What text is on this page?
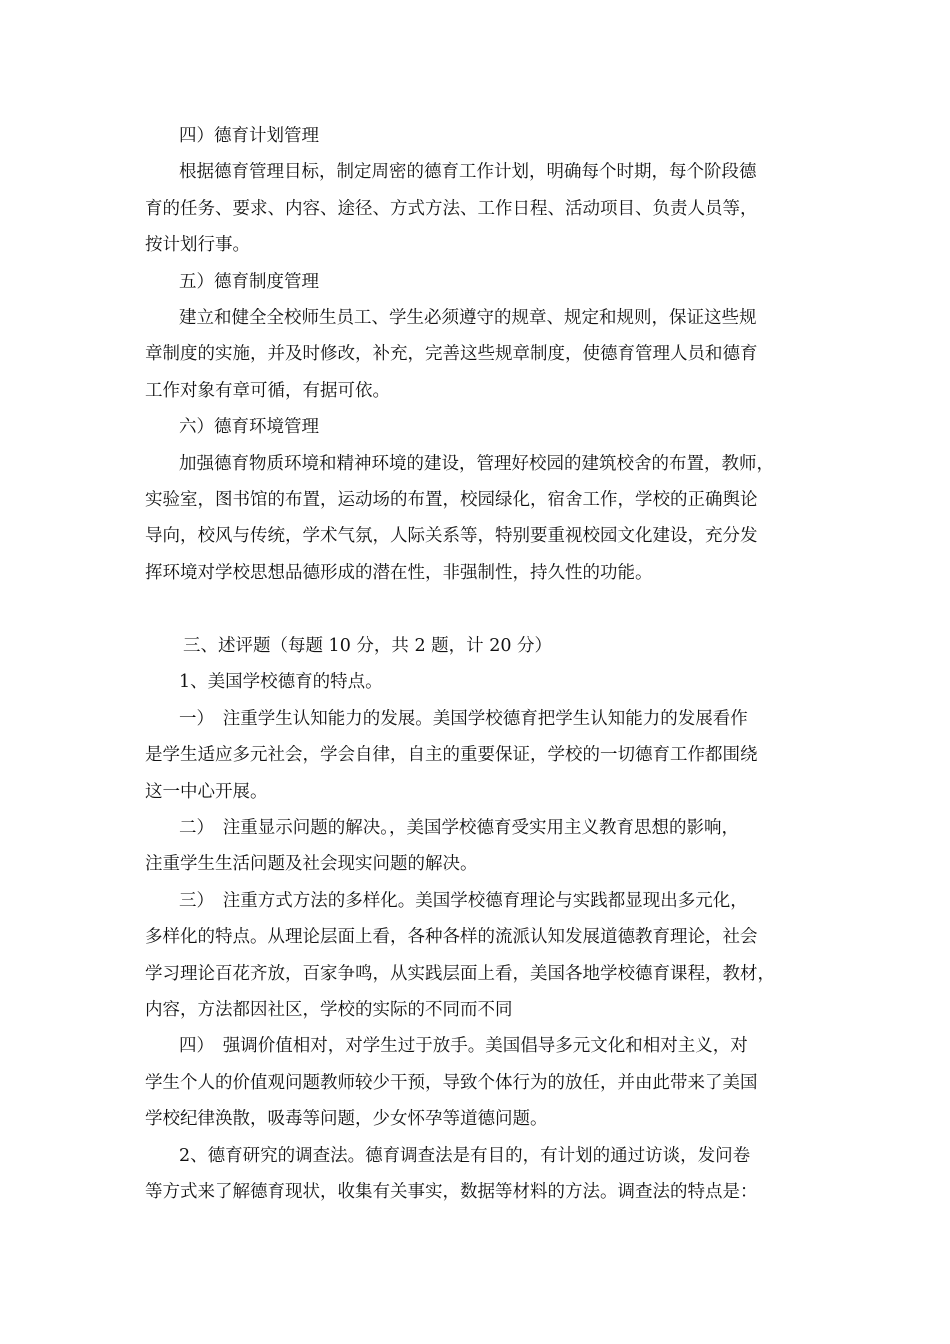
四）德育计划管理

根据德育管理目标，制定周密的德育工作计划，明确每个时期，每个阶段德

育的任务、要求、内容、途径、方式方法、工作日程、活动项目、负责人员等，

按计划行事。

五）德育制度管理

建立和健全全校师生员工、学生必须遵守的规章、规定和规则，保证这些规

章制度的实施，并及时修改，补充，完善这些规章制度，使德育管理人员和德育

工作对象有章可循，有据可依。

六）德育环境管理

加强德育物质环境和精神环境的建设，管理好校园的建筑校舍的布置，教师，

实验室，图书馆的布置，运动场的布置，校园绿化，宿舍工作，学校的正确舆论

导向，校风与传统，学术气氛，人际关系等，特别要重视校园文化建设，充分发

挥环境对学校思想品德形成的潜在性，非强制性，持久性的功能。

三、述评题（每题 10 分，共 2 题，计 20 分）

1、美国学校德育的特点。

一）　注重学生认知能力的发展。美国学校德育把学生认知能力的发展看作

是学生适应多元社会，学会自律，自主的重要保证，学校的一切德育工作都围绕

这一中心开展。

二）　注重显示问题的解决。，美国学校德育受实用主义教育思想的影响，

注重学生生活问题及社会现实问题的解决。

三）　注重方式方法的多样化。美国学校德育理论与实践都显现出多元化，

多样化的特点。从理论层面上看，各种各样的流派认知发展道德教育理论，社会

学习理论百花齐放，百家争鸣，从实践层面上看，美国各地学校德育课程，教材，

内容，方法都因社区，学校的实际的不同而不同

四）　强调价值相对，对学生过于放手。美国倡导多元文化和相对主义，对

学生个人的价值观问题教师较少干预，导致个体行为的放任，并由此带来了美国

学校纪律涣散，吸毒等问题，少女怀孕等道德问题。

2、德育研究的调查法。德育调查法是有目的，有计划的通过访谈，发问卷

等方式来了解德育现状，收集有关事实，数据等材料的方法。调查法的特点是：
